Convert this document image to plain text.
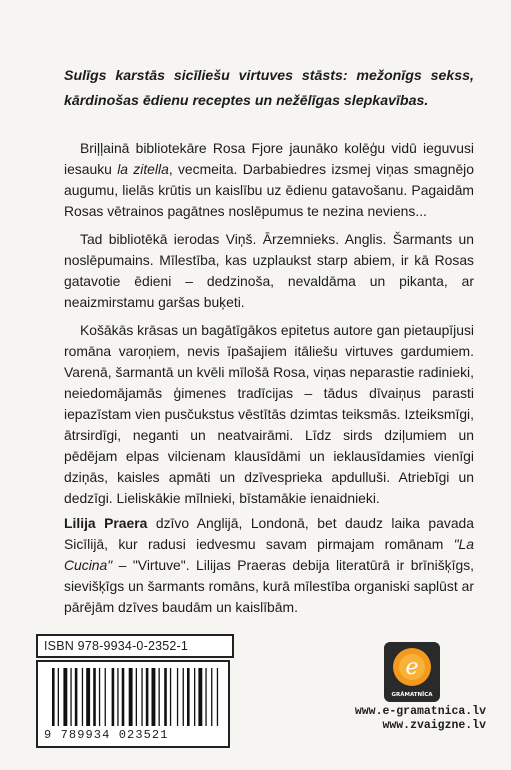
Sulīgs karstās sicīliešu virtuves stāsts: mežonīgs sekss, kārdinošas ēdienu receptes un nežēlīgas slepkavības.

Briļļainā bibliotekāre Rosa Fjore jaunāko kolēģu vidū ieguvusi iesauku la zitella, vecmeita. Darbabiedres izsmej viņas smagnējo augumu, lielās krūtis un kaislību uz ēdienu gatavošanu. Pagaidām Rosas vētrainos pagātnes noslēpumus te nezina neviens...

Tad bibliotēkā ierodas Viņš. Ārzemnieks. Anglis. Šarmants un noslēpumains. Mīlestība, kas uzplaukst starp abiem, ir kā Rosas gatavotie ēdieni – dedzinoša, nevaldāma un pikanta, ar neaizmirstamu garšas buķeti.

Košākās krāsas un bagātīgākos epitetus autore gan pietaupījusi romāna varoņiem, nevis īpašajiem itāliešu virtuves gardumiem. Varenā, šarmantā un kvēli mīlošā Rosa, viņas neparastie radinieki, neiedomājamās ģimenes tradīcijas – tādus dīvaiņus parasti iepazīstam vien pusčukstus vēstītās dzimtas teiksmās. Izteiksmīgi, ātrsirdīgi, neganti un neatvairāmi. Līdz sirds dziļumiem un pēdējam elpas vilcienam klausīdāmi un ieklausīdamies vienīgi dziņās, kaisles apmāti un dzīvesprieka apdulluši. Atriebīgi un dedzīgi. Lieliskākie mīlnieki, bīstamākie ienaidnieki.

Lilija Praera dzīvo Anglijā, Londonā, bet daudz laika pavada Sicīlijā, kur radusi iedvesmu savam pirmajam romānam "La Cucina" – "Virtuve". Lilijas Praeras debija literatūrā ir brīnišķīgs, sievišķīgs un šarmants romāns, kurā mīlestība organiski saplūst ar pārējām dzīves baudām un kaislībām.

ISBN 978-9934-0-2352-1
9 789934 023521
e
GRĀMATNĪCA
www.e-gramatnica.lv
www.zvaigzne.lv
